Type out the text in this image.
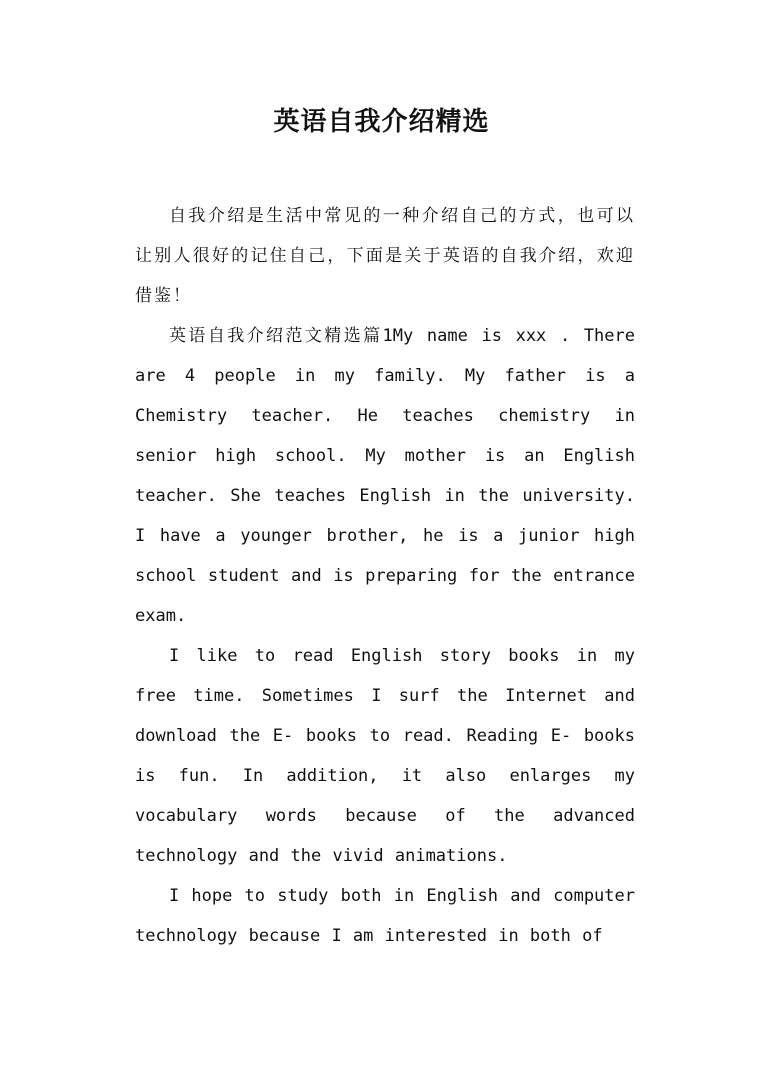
英语自我介绍精选

自我介绍是生活中常见的一种介绍自己的方式，也可以让别人很好的记住自己，下面是关于英语的自我介绍，欢迎借鉴！

英语自我介绍范文精选篇1My name is xxx . There are 4 people in my family. My father is a Chemistry teacher. He teaches chemistry in senior high school. My mother is an English teacher. She teaches English in the university. I have a younger brother, he is a junior high school student and is preparing for the entrance exam.

I like to read English story books in my free time. Sometimes I surf the Internet and download the E- books to read. Reading E- books is fun. In addition, it also enlarges my vocabulary words because of the advanced technology and the vivid animations.

I hope to study both in English and computer technology because I am interested in both of
